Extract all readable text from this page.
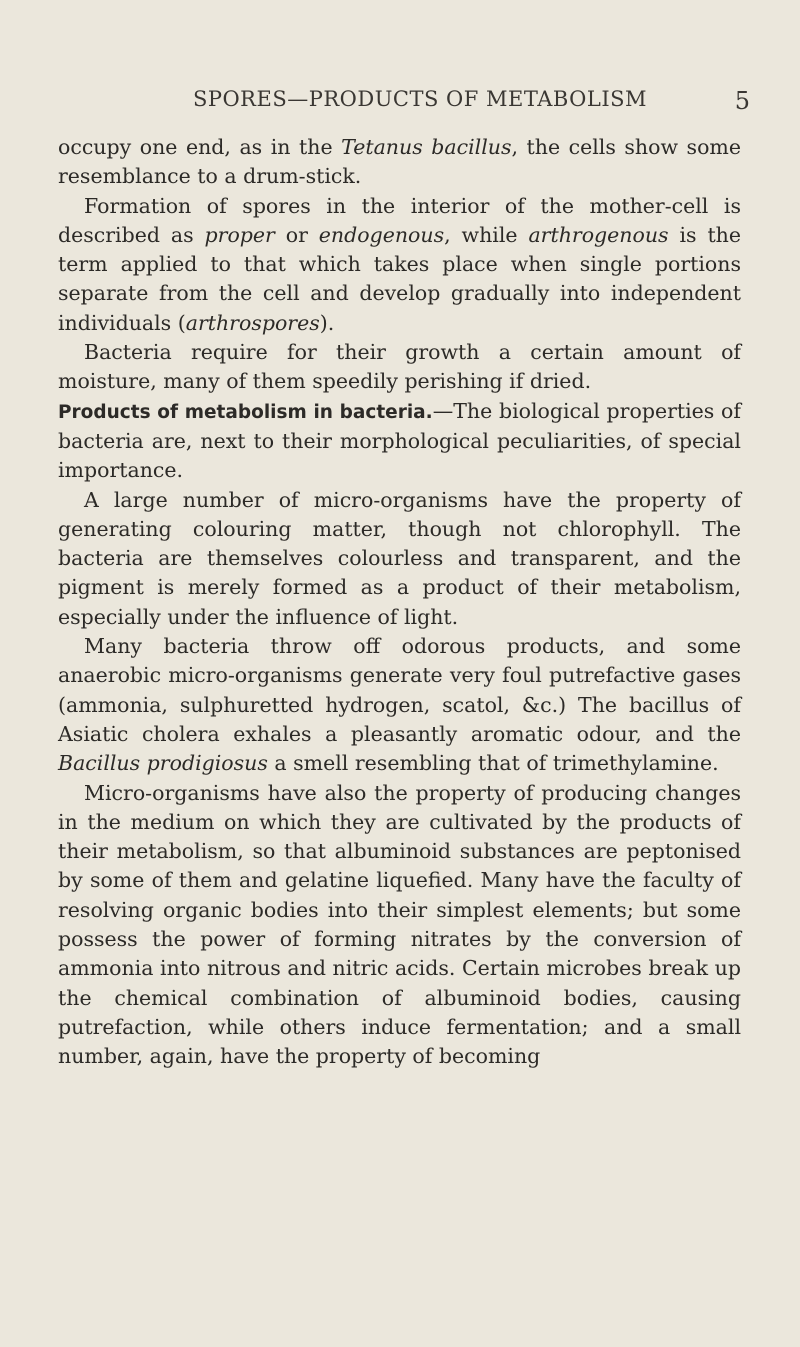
SPORES—PRODUCTS OF METABOLISM	5

occupy one end, as in the Tetanus bacillus, the cells show some resemblance to a drum-stick.

Formation of spores in the interior of the mother-cell is described as proper or endogenous, while arthrogenous is the term applied to that which takes place when single portions separate from the cell and develop gradually into independent individuals (arthrospores).

Bacteria require for their growth a certain amount of moisture, many of them speedily perishing if dried.

Products of metabolism in bacteria.—The biological properties of bacteria are, next to their morphological peculiarities, of special importance.

A large number of micro-organisms have the property of generating colouring matter, though not chlorophyll. The bacteria are themselves colourless and transparent, and the pigment is merely formed as a product of their metabolism, especially under the influence of light.

Many bacteria throw off odorous products, and some anaerobic micro-organisms generate very foul putrefactive gases (ammonia, sulphuretted hydrogen, scatol, &c.) The bacillus of Asiatic cholera exhales a pleasantly aromatic odour, and the Bacillus prodigiosus a smell resembling that of trimethylamine.

Micro-organisms have also the property of producing changes in the medium on which they are cultivated by the products of their metabolism, so that albuminoid substances are peptonised by some of them and gelatine liquefied. Many have the faculty of resolving organic bodies into their simplest elements; but some possess the power of forming nitrates by the conversion of ammonia into nitrous and nitric acids. Certain microbes break up the chemical combination of albuminoid bodies, causing putrefaction, while others induce fermentation; and a small number, again, have the property of becoming
